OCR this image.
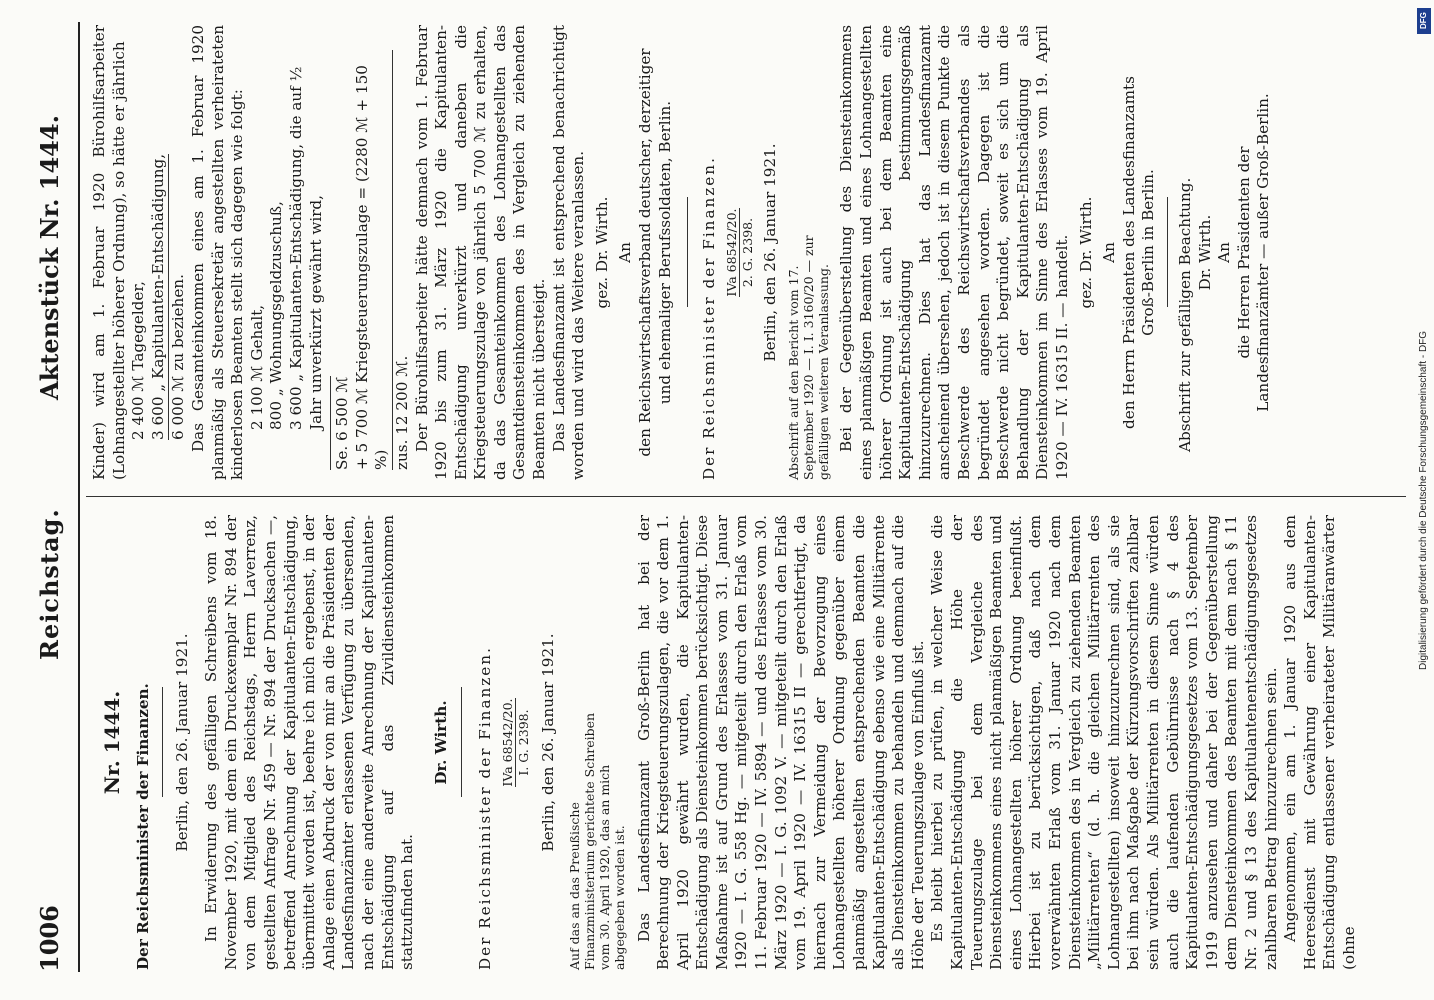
1006
Reichstag.
Aktenstück Nr. 1444.

Nr. 1444. Der Reichsminister der Finanzen. Berlin, den 26. Januar 1921. In Erwiderung des gefälligen Schreibens vom 18. November 1920, mit dem ein Druckexemplar Nr. 894 der von dem Mitglied des Reichstags, Herrn Laverrenz, gestellten Anfrage Nr. 459 — Nr. 894 der Drucksachen —, betreffend Anrechnung der Kapitulanten-Entschädigung, übermittelt worden ist, beehre ich mich ergebenst, in der Anlage einen Abdruck der von mir an die Präsidenten der Landesfinanzämter erlassenen Verfügung zu übersenden, nach der eine anderweite Anrechnung der Kapitulanten-Entschädigung auf das Zivildiensteinkommen stattzufinden hat.

Dr. Wirth. Der Reichsminister der Finanzen. IVa 68542/20. I. G. 2398. Berlin, den 26. Januar 1921.

Auf das an das Preußische Finanzministerium gerichtete Schreiben vom 30. April 1920, das an mich abgegeben worden ist. Das Landesfinanzamt Groß-Berlin hat bei der Berechnung der Kriegsteuerungszulagen, die vor dem 1. April 1920 gewährt wurden, die Kapitulanten-Entschädigung als Diensteinkommen berücksichtigt. Diese Maßnahme ist auf Grund des Erlasses vom 31. Januar 1920 — I. G. 558 Hg. — mitgeteilt durch den Erlaß vom 11. Februar 1920 — IV. 5894 — und des Erlasses vom 30. März 1920 — I. G. 1092 V. — mitgeteilt durch den Erlaß vom 19. April 1920 — IV. 16315 II — gerechtfertigt, da hiernach zur Vermeidung der Bevorzugung eines Lohnangestellten höherer Ordnung gegenüber einem planmäßig angestellten entsprechenden Beamten die Kapitulanten-Entschädigung ebenso wie eine Militärrente als Diensteinkommen zu behandeln und demnach auf die Höhe der Teuerungszulage von Einfluß ist. Es bleibt hierbei zu prüfen, in welcher Weise die Kapitulanten-Entschädigung die Höhe der Teuerungszulage bei dem Vergleiche des Diensteinkommens eines nicht planmäßigen Beamten und eines Lohnangestellten höherer Ordnung beeinflußt. Hierbei ist zu berücksichtigen, daß nach dem vorerwähnten Erlaß vom 31. Januar 1920 nach dem Diensteinkommen des in Vergleich zu ziehenden Beamten „Militärrenten“ (d. h. die gleichen Militärrenten des Lohnangestellten) insoweit hinzuzurechnen sind, als sie bei ihm nach Maßgabe der Kürzungsvorschriften zahlbar sein würden. Als Militärrenten in diesem Sinne würden auch die laufenden Gebührnisse nach § 4 des Kapitulanten-Entschädigungsgesetzes vom 13. September 1919 anzusehen und daher bei der Gegenüberstellung dem Diensteinkommen des Beamten mit dem nach § 11 Nr. 2 und § 13 des Kapitulantenentschädigungsgesetzes zahlbaren Betrag hinzuzurechnen sein. Angenommen, ein am 1. Januar 1920 aus dem Heeresdienst mit Gewährung einer Kapitulanten-Entschädigung entlassener verheirateter Militäranwärter (ohne

Kinder) wird am 1. Februar 1920 Bürohilfsarbeiter (Lohnangestellter höherer Ordnung), so hätte er jährlich 2 400 ℳ Tagegelder,
3 600 „ Kapitulanten-Entschädigung, 6 000 ℳ zu beziehen. Das Gesamteinkommen eines am 1. Februar 1920 planmäßig als Steuersekretär angestellten verheirateten kinderlosen Beamten stellt sich dagegen wie folgt: 2 100 ℳ Gehalt,
800 „ Wohnungsgeldzuschuß,
3 600 „ Kapitulanten-Entschädigung, die auf ½ Jahr unverkürzt gewährt wird, Se. 6 500 ℳ + 5 700 ℳ Kriegsteuerungszulage = (2280 ℳ + 150 %) zus. 12 200 ℳ. Der Bürohilfsarbeiter hätte demnach vom 1. Februar 1920 bis zum 31. März 1920 die Kapitulanten-Entschädigung unverkürzt und daneben die Kriegsteuerungszulage von jährlich 5 700 ℳ zu erhalten, da das Gesamteinkommen des Lohnangestellten das Gesamtdiensteinkommen des in Vergleich zu ziehenden Beamten nicht übersteigt. Das Landesfinanzamt ist entsprechend benachrichtigt worden und wird das Weitere veranlassen. gez. Dr. Wirth. An den Reichswirtschaftsverband deutscher, derzeitiger und ehemaliger Berufssoldaten, Berlin. Der Reichsminister der Finanzen. IVa 68542/20. 2. G. 2398. Berlin, den 26. Januar 1921.

Abschrift auf den Bericht vom 17. September 1920 — I. I. 3160/20 — zur gefälligen weiteren Veranlassung. Bei der Gegenüberstellung des Diensteinkommens eines planmäßigen Beamten und eines Lohnangestellten höherer Ordnung ist auch bei dem Beamten eine Kapitulanten-Entschädigung bestimmungsgemäß hinzuzurechnen. Dies hat das Landesfinanzamt anscheinend übersehen, jedoch ist in diesem Punkte die Beschwerde des Reichswirtschaftsverbandes als begründet angesehen worden. Dagegen ist die Beschwerde nicht begründet, soweit es sich um die Behandlung der Kapitulanten-Entschädigung als Diensteinkommen im Sinne des Erlasses vom 19. April 1920 — IV. 16315 II. — handelt. gez. Dr. Wirth. An den Herrn Präsidenten des Landesfinanzamts Groß-Berlin in Berlin. Abschrift zur gefälligen Beachtung. Dr. Wirth. An die Herren Präsidenten der Landesfinanzämter — außer Groß-Berlin.

DFG
Digitalisierung gefördert durch die Deutsche Forschungsgemeinschaft - DFG
